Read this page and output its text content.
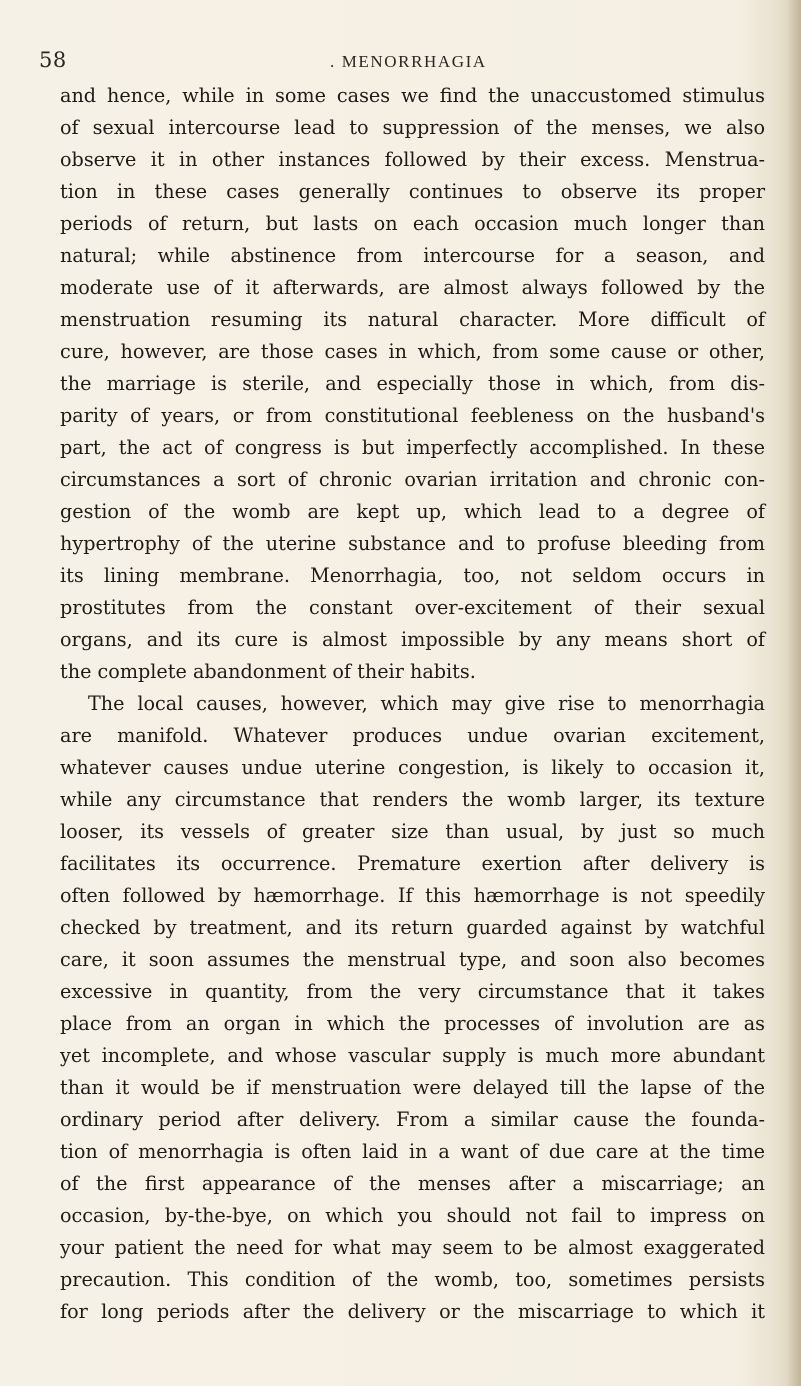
58	. MENORRHAGIA
and hence, while in some cases we find the unaccustomed stimulus
of sexual intercourse lead to suppression of the menses, we also
observe it in other instances followed by their excess. Menstrua-
tion in these cases generally continues to observe its proper
periods of return, but lasts on each occasion much longer than
natural; while abstinence from intercourse for a season, and
moderate use of it afterwards, are almost always followed by the
menstruation resuming its natural character. More difficult of
cure, however, are those cases in which, from some cause or other,
the marriage is sterile, and especially those in which, from dis-
parity of years, or from constitutional feebleness on the husband's
part, the act of congress is but imperfectly accomplished. In these
circumstances a sort of chronic ovarian irritation and chronic con-
gestion of the womb are kept up, which lead to a degree of
hypertrophy of the uterine substance and to profuse bleeding from
its lining membrane. Menorrhagia, too, not seldom occurs in
prostitutes from the constant over-excitement of their sexual
organs, and its cure is almost impossible by any means short of
the complete abandonment of their habits.
The local causes, however, which may give rise to menorrhagia
are manifold. Whatever produces undue ovarian excitement,
whatever causes undue uterine congestion, is likely to occasion it,
while any circumstance that renders the womb larger, its texture
looser, its vessels of greater size than usual, by just so much
facilitates its occurrence. Premature exertion after delivery is
often followed by hæmorrhage. If this hæmorrhage is not speedily
checked by treatment, and its return guarded against by watchful
care, it soon assumes the menstrual type, and soon also becomes
excessive in quantity, from the very circumstance that it takes
place from an organ in which the processes of involution are as
yet incomplete, and whose vascular supply is much more abundant
than it would be if menstruation were delayed till the lapse of the
ordinary period after delivery. From a similar cause the founda-
tion of menorrhagia is often laid in a want of due care at the time
of the first appearance of the menses after a miscarriage; an
occasion, by-the-bye, on which you should not fail to impress on
your patient the need for what may seem to be almost exaggerated
precaution. This condition of the womb, too, sometimes persists
for long periods after the delivery or the miscarriage to which it
